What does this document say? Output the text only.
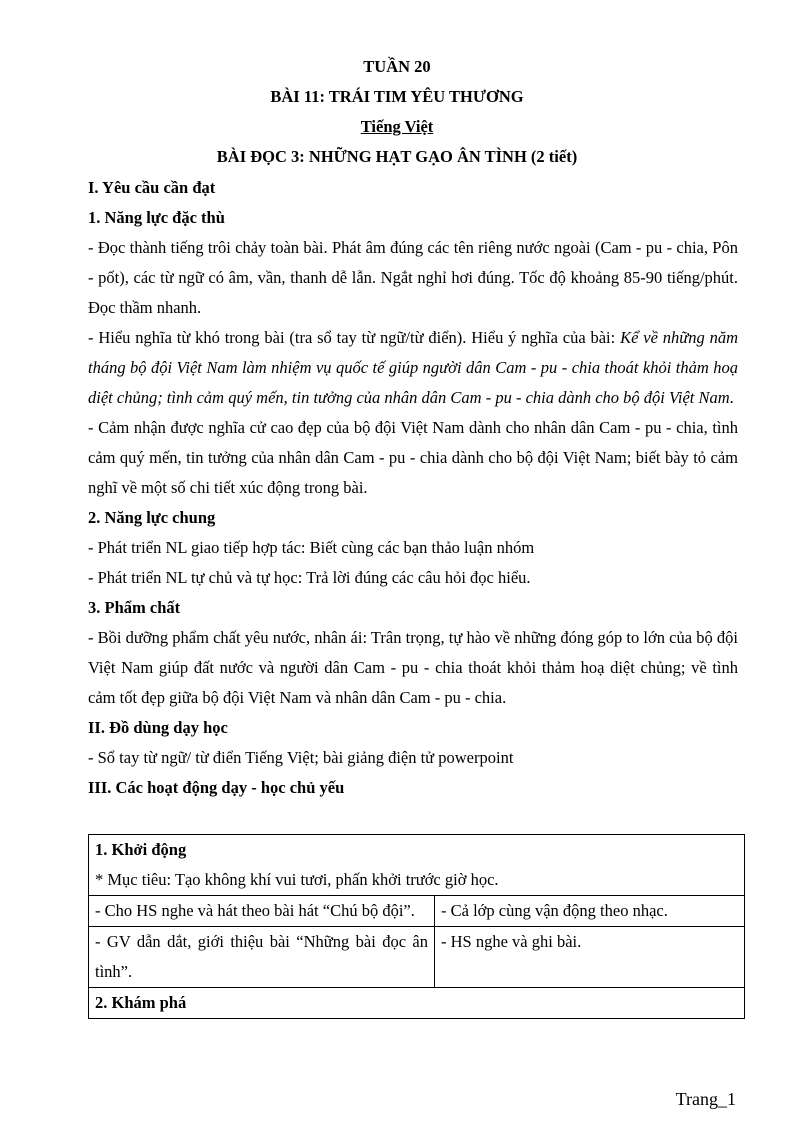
TUẦN 20
BÀI 11: TRÁI TIM YÊU THƯƠNG
Tiếng Việt
BÀI ĐỌC 3: NHỮNG HẠT GẠO ÂN TÌNH (2 tiết)

I. Yêu cầu cần đạt

1. Năng lực đặc thù

- Đọc thành tiếng trôi chảy toàn bài. Phát âm đúng các tên riêng nước ngoài (Cam - pu - chia, Pôn - pốt), các từ ngữ có âm, vần, thanh dễ lẫn. Ngắt nghỉ hơi đúng. Tốc độ khoảng 85-90 tiếng/phút. Đọc thầm nhanh.

- Hiểu nghĩa từ khó trong bài (tra sổ tay từ ngữ/từ điển). Hiểu ý nghĩa của bài: Kể về những năm tháng bộ đội Việt Nam làm nhiệm vụ quốc tế giúp người dân Cam - pu - chia thoát khỏi thảm hoạ diệt chủng; tình cảm quý mến, tin tưởng của nhân dân Cam - pu - chia dành cho bộ đội Việt Nam.

- Cảm nhận được nghĩa cử cao đẹp của bộ đội Việt Nam dành cho nhân dân Cam - pu - chia, tình cảm quý mến, tin tưởng của nhân dân Cam - pu - chia dành cho bộ đội Việt Nam; biết bày tỏ cảm nghĩ về một số chi tiết xúc động trong bài.

2. Năng lực chung

- Phát triển NL giao tiếp hợp tác: Biết cùng các bạn thảo luận nhóm

- Phát triển NL tự chủ và tự học: Trả lời đúng các câu hỏi đọc hiểu.

3. Phẩm chất

- Bồi dưỡng phẩm chất yêu nước, nhân ái: Trân trọng, tự hào về những đóng góp to lớn của bộ đội Việt Nam giúp đất nước và người dân Cam - pu - chia thoát khỏi thảm hoạ diệt chủng; về tình cảm tốt đẹp giữa bộ đội Việt Nam và nhân dân Cam - pu - chia.

II. Đồ dùng dạy học

- Sổ tay từ ngữ/ từ điển Tiếng Việt; bài giảng điện tử powerpoint

III. Các hoạt động dạy - học chủ yếu

1. Khởi động
* Mục tiêu: Tạo không khí vui tươi, phấn khởi trước giờ học.	

- Cho HS nghe và hát theo bài hát “Chú bộ đội”.	- Cả lớp cùng vận động theo nhạc.
- GV dẫn dắt, giới thiệu bài “Những bài đọc ân tình”.	- HS nghe và ghi bài.
2. Khám phá	
Trang_1
